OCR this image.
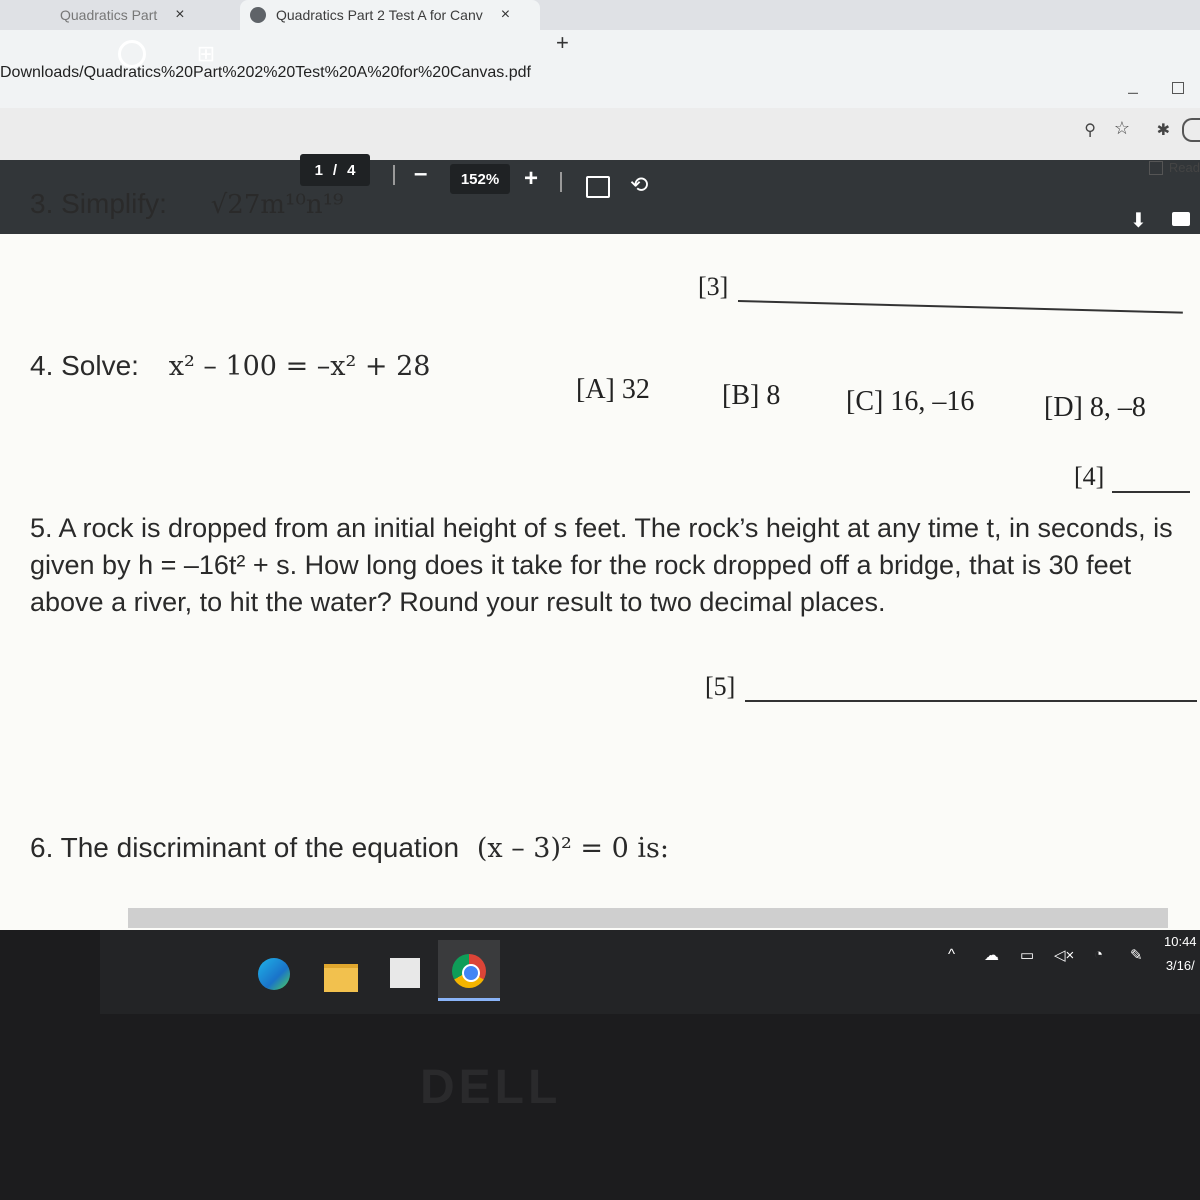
Quadratics Part ×	Quadratics Part 2 Test A for Canv ×
Downloads/Quadratics%20Part%202%20Test%20A%20for%20Canvas.pdf
–
+
⚲ ☆ ✱
Read
1 / 4 –	152%	+	⟲
⬇
3. Simplify: √27m¹⁰n¹⁹
[3]
4. Solve: x² – 100 = –x² + 28
[A] 32	[B] 8 [C] 16, –16 [D] 8, –8
[4]
5. A rock is dropped from an initial height of s feet. The rock’s height at any time t, in seconds, is given by h = –16t² + s. How long does it take for the rock dropped off a bridge, that is 30 feet above a river, to hit the water? Round your result to two decimal places.
[5]
6. The discriminant of the equation (x – 3)² = 0 is:
⊞
^ ☁ ▭ ◁× ◔ ✎
10:44
3/16/
DELL
